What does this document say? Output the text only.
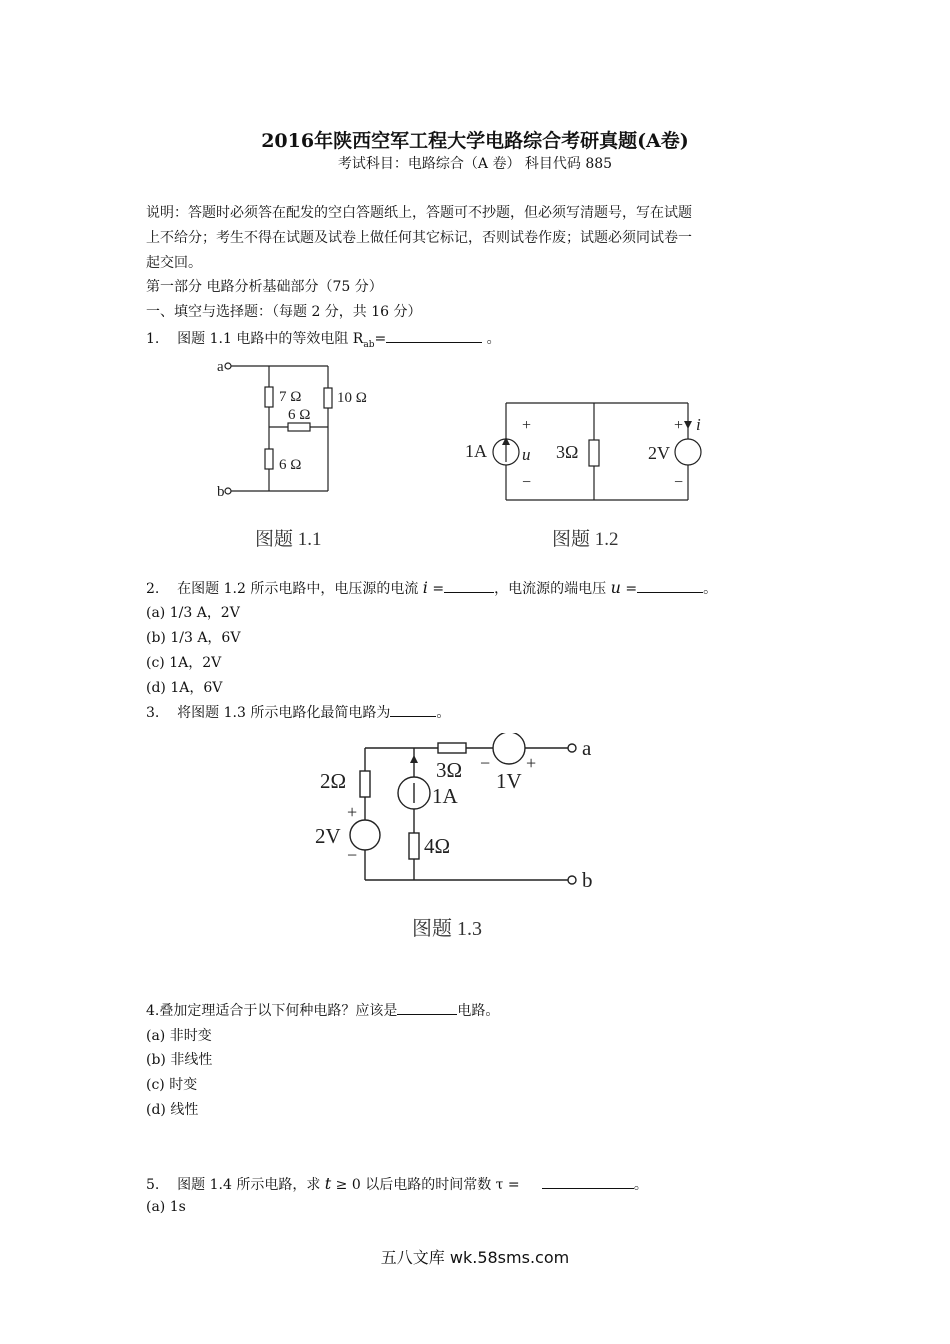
2016年陕西空军工程大学电路综合考研真题(A卷)
考试科目：电路综合（A 卷） 科目代码 885
说明：答题时必须答在配发的空白答题纸上，答题可不抄题，但必须写清题号，写在试题
上不给分；考生不得在试题及试卷上做任何其它标记，否则试卷作废；试题必须同试卷一
起交回。
第一部分 电路分析基础部分（75 分）
一、填空与选择题：（每题 2 分，共 16 分）
1. 图题 1.1 电路中的等效电阻 $R_{ab}=$	。
a
b
7 Ω
6 Ω
10 Ω
6 Ω
图题 1.1
1A
+
u
−
3Ω	2V
+ i
−
图题 1.2
2. 在图题 1.2 所示电路中，电压源的电流 i =	，电流源的端电压 u =	。
(a) 1/3 A，2V
(b) 1/3 A，6V
(c) 1A，2V
(d) 1A，6V
3. 将图题 1.3 所示电路化最简电路为	。
2Ω
+
2V
−
1A
3Ω −
1V
+
4Ω
a
b
图题 1.3
4.叠加定理适合于以下何种电路？应该是	电路。
(a) 非时变
(b) 非线性
(c) 时变
(d) 线性
5. 图题 1.4 所示电路，求 t ≥ 0 以后电路的时间常数 τ =	。
(a) 1s
五八文库 wk.58sms.com
